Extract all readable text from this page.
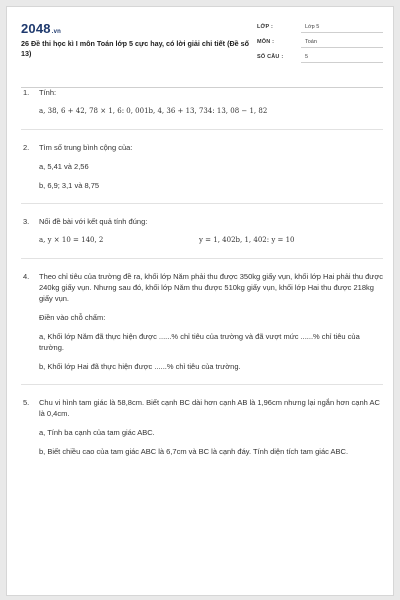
2048.vn
26 Đề thi học kì I môn Toán lớp 5 cực hay, có lời giải chi tiết (Đề số 13)
LỚP :	Lớp 5
MÔN :	Toán
SỐ CÂU :	5
1. Tính:
a, 38, 6 + 42, 78 × 1, 6: 0, 001b, 4, 36 + 13, 734: 13, 08 − 1, 82
2. Tìm số trung bình cộng của:
a, 5,41 và 2,56
b, 6,9; 3,1 và 8,75
3. Nối đề bài với kết quả tính đúng:
a, y × 10 = 140, 2	y = 1, 402b, 1, 402: y = 10
4. Theo chỉ tiêu của trường đề ra, khối lớp Năm phải thu được 350kg giấy vụn, khối lớp Hai phải thu được 240kg giấy vụn. Nhưng sau đó, khối lớp Năm thu được 510kg giấy vụn, khối lớp Hai thu được 218kg giấy vụn.
Điền vào chỗ chấm:
a, Khối lớp Năm đã thực hiện được ......% chỉ tiêu của trường và đã vượt mức ......% chỉ tiêu của trường.
b, Khối lớp Hai đã thực hiện được ......% chỉ tiêu của trường.
5. Chu vi hình tam giác là 58,8cm. Biết cạnh BC dài hơn cạnh AB là 1,96cm nhưng lại ngắn hơn cạnh AC là 0,4cm.
a, Tính ba cạnh của tam giác ABC.
b, Biết chiều cao của tam giác ABC là 6,7cm và BC là cạnh đáy. Tính diện tích tam giác ABC.
